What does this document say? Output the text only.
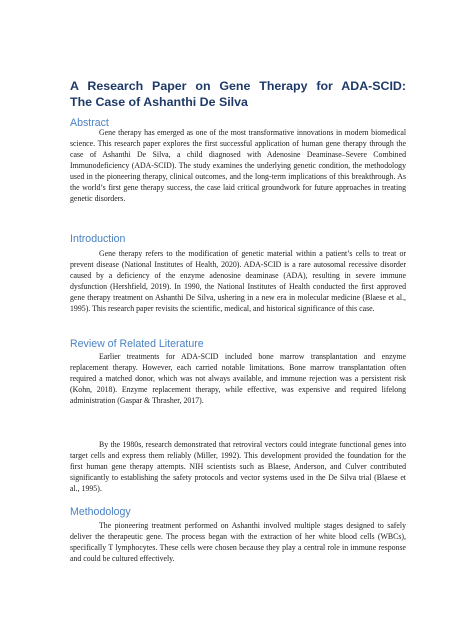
A Research Paper on Gene Therapy for ADA-SCID:
The Case of Ashanthi De Silva
Abstract

Gene therapy has emerged as one of the most transformative innovations in modern biomedical science. This research paper explores the first successful application of human gene therapy through the case of Ashanthi De Silva, a child diagnosed with Adenosine Deaminase–Severe Combined Immunodeficiency (ADA-SCID). The study examines the underlying genetic condition, the methodology used in the pioneering therapy, clinical outcomes, and the long-term implications of this breakthrough. As the world’s first gene therapy success, the case laid critical groundwork for future approaches in treating genetic disorders.

Introduction

Gene therapy refers to the modification of genetic material within a patient’s cells to treat or prevent disease (National Institutes of Health, 2020). ADA-SCID is a rare autosomal recessive disorder caused by a deficiency of the enzyme adenosine deaminase (ADA), resulting in severe immune dysfunction (Hershfield, 2019). In 1990, the National Institutes of Health conducted the first approved gene therapy treatment on Ashanthi De Silva, ushering in a new era in molecular medicine (Blaese et al., 1995). This research paper revisits the scientific, medical, and historical significance of this case.

Review of Related Literature

Earlier treatments for ADA-SCID included bone marrow transplantation and enzyme replacement therapy. However, each carried notable limitations. Bone marrow transplantation often required a matched donor, which was not always available, and immune rejection was a persistent risk (Kohn, 2018). Enzyme replacement therapy, while effective, was expensive and required lifelong administration (Gaspar & Thrasher, 2017).

By the 1980s, research demonstrated that retroviral vectors could integrate functional genes into target cells and express them reliably (Miller, 1992). This development provided the foundation for the first human gene therapy attempts. NIH scientists such as Blaese, Anderson, and Culver contributed significantly to establishing the safety protocols and vector systems used in the De Silva trial (Blaese et al., 1995).

Methodology

The pioneering treatment performed on Ashanthi involved multiple stages designed to safely deliver the therapeutic gene. The process began with the extraction of her white blood cells (WBCs), specifically T lymphocytes. These cells were chosen because they play a central role in immune response and could be cultured effectively.
